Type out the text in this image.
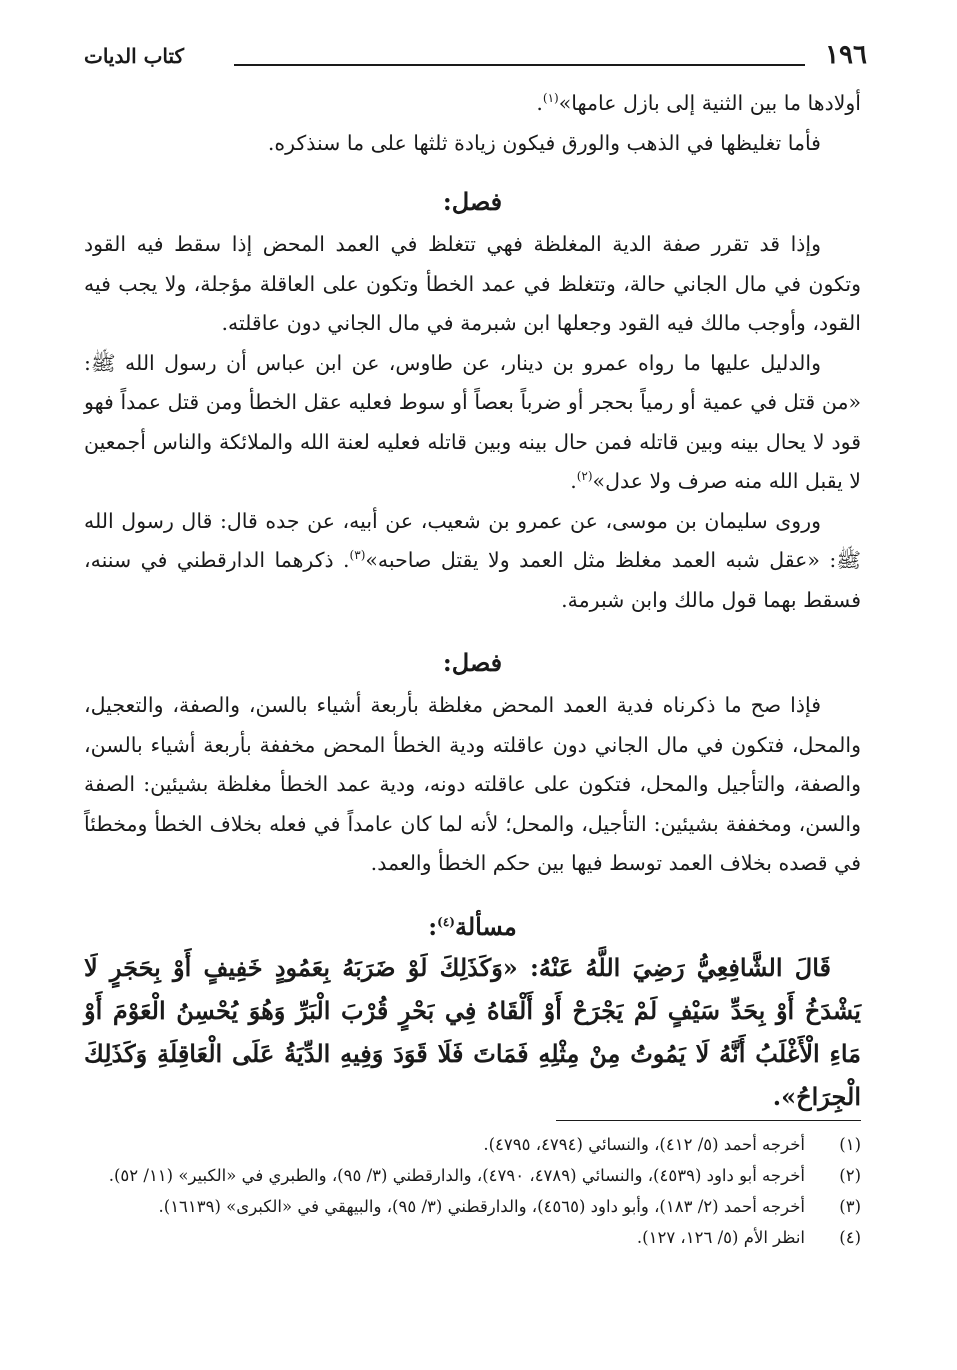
١٩٦
كتاب الديات

أولادها ما بين الثنية إلى بازل عامها»$^{(١)}$.

فأما تغليظها في الذهب والورق فيكون زيادة ثلثها على ما سنذكره.

فصل:

وإذا قد تقرر صفة الدية المغلظة فهي تتغلظ في العمد المحض إذا سقط فيه القود وتكون في مال الجاني حالة، وتتغلظ في عمد الخطأ وتكون على العاقلة مؤجلة، ولا يجب فيه القود، وأوجب مالك فيه القود وجعلها ابن شبرمة في مال الجاني دون عاقلته.

والدليل عليها ما رواه عمرو بن دينار، عن طاوس، عن ابن عباس أن رسول الله ﷺ: «من قتل في عمية أو رمياً بحجر أو ضرباً بعصاً أو سوط فعليه عقل الخطأ ومن قتل عمداً فهو قود لا يحال بينه وبين قاتله فمن حال بينه وبين قاتله فعليه لعنة الله والملائكة والناس أجمعين لا يقبل الله منه صرف ولا عدل»$^{(٢)}$.

وروى سليمان بن موسى، عن عمرو بن شعيب، عن أبيه، عن جده قال: قال رسول الله ﷺ: «عقل شبه العمد مغلظ مثل العمد ولا يقتل صاحبه»$^{(٣)}$. ذكرهما الدارقطني في سننه، فسقط بهما قول مالك وابن شبرمة.

فصل:

فإذا صح ما ذكرناه فدية العمد المحض مغلظة بأربعة أشياء بالسن، والصفة، والتعجيل، والمحل، فتكون في مال الجاني دون عاقلته ودية الخطأ المحض مخففة بأربعة أشياء بالسن، والصفة، والتأجيل والمحل، فتكون على عاقلته دونه، ودية عمد الخطأ مغلظة بشيئين: الصفة والسن، ومخففة بشيئين: التأجيل، والمحل؛ لأنه لما كان عامداً في فعله بخلاف الخطأ ومخطئاً في قصده بخلاف العمد توسط فيها بين حكم الخطأ والعمد.

مسألة$^{(٤)}$:

قَالَ الشَّافِعِيُّ رَضِيَ اللَّهُ عَنْهُ: «وَكَذَلِكَ لَوْ ضَرَبَهُ بِعَمُودٍ خَفِيفٍ أَوْ بِحَجَرٍ لَا يَشْدَخُ أَوْ بِحَدِّ سَيْفٍ لَمْ يَجْرَحْ أَوْ أَلْقَاهُ فِي بَحْرٍ قُرْبَ الْبَرِّ وَهُوَ يُحْسِنُ الْعَوْمَ أَوْ مَاءِ الْأَغْلَبُ أَنَّهُ لَا يَمُوتُ مِنْ مِثْلِهِ فَمَاتَ فَلَا قَوَدَ وَفِيهِ الدِّيَةُ عَلَى الْعَاقِلَةِ وَكَذَلِكَ الْجِرَاحُ».

(١)
أخرجه أحمد (٥/ ٤١٢)، والنسائي (٤٧٩٤، ٤٧٩٥).
(٢)
أخرجه أبو داود (٤٥٣٩)، والنسائي (٤٧٨٩، ٤٧٩٠)، والدارقطني (٣/ ٩٥)، والطبري في «الكبير» (١١/ ٥٢).
(٣)
أخرجه أحمد (٢/ ١٨٣)، وأبو داود (٤٥٦٥)، والدارقطني (٣/ ٩٥)، والبيهقي في «الكبرى» (١٦١٣٩).
(٤)
انظر الأم (٥/ ١٢٦، ١٢٧).
